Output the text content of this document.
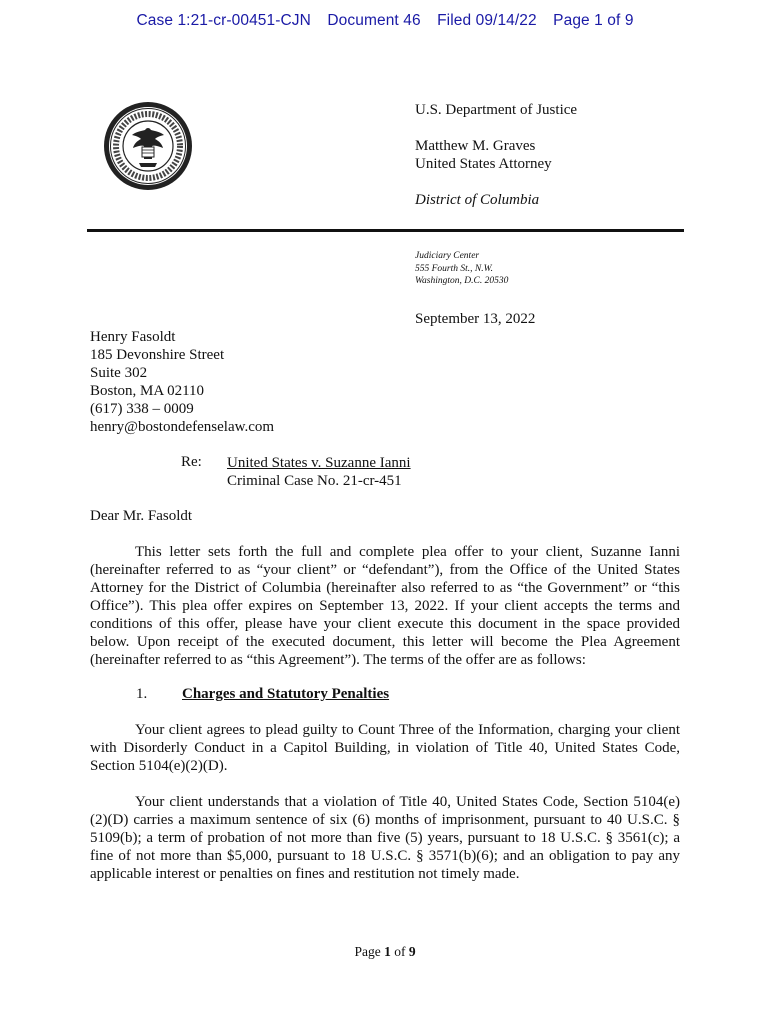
Case 1:21-cr-00451-CJN Document 46 Filed 09/14/22 Page 1 of 9
U.S. Department of Justice
Matthew M. Graves
United States Attorney
District of Columbia
Judiciary Center
555 Fourth St., N.W.
Washington, D.C. 20530
September 13, 2022
Henry Fasoldt
185 Devonshire Street
Suite 302
Boston, MA 02110
(617) 338 – 0009
henry@bostondefenselaw.com
Re: United States v. Suzanne Ianni
Criminal Case No. 21-cr-451
Dear Mr. Fasoldt
This letter sets forth the full and complete plea offer to your client, Suzanne Ianni (hereinafter referred to as “your client” or “defendant”), from the Office of the United States Attorney for the District of Columbia (hereinafter also referred to as “the Government” or “this Office”). This plea offer expires on September 13, 2022. If your client accepts the terms and conditions of this offer, please have your client execute this document in the space provided below. Upon receipt of the executed document, this letter will become the Plea Agreement (hereinafter referred to as “this Agreement”). The terms of the offer are as follows:
1. Charges and Statutory Penalties
Your client agrees to plead guilty to Count Three of the Information, charging your client with Disorderly Conduct in a Capitol Building, in violation of Title 40, United States Code, Section 5104(e)(2)(D).
Your client understands that a violation of Title 40, United States Code, Section 5104(e)(2)(D) carries a maximum sentence of six (6) months of imprisonment, pursuant to 40 U.S.C. § 5109(b); a term of probation of not more than five (5) years, pursuant to 18 U.S.C. § 3561(c); a fine of not more than $5,000, pursuant to 18 U.S.C. § 3571(b)(6); and an obligation to pay any applicable interest or penalties on fines and restitution not timely made.
Page 1 of 9
